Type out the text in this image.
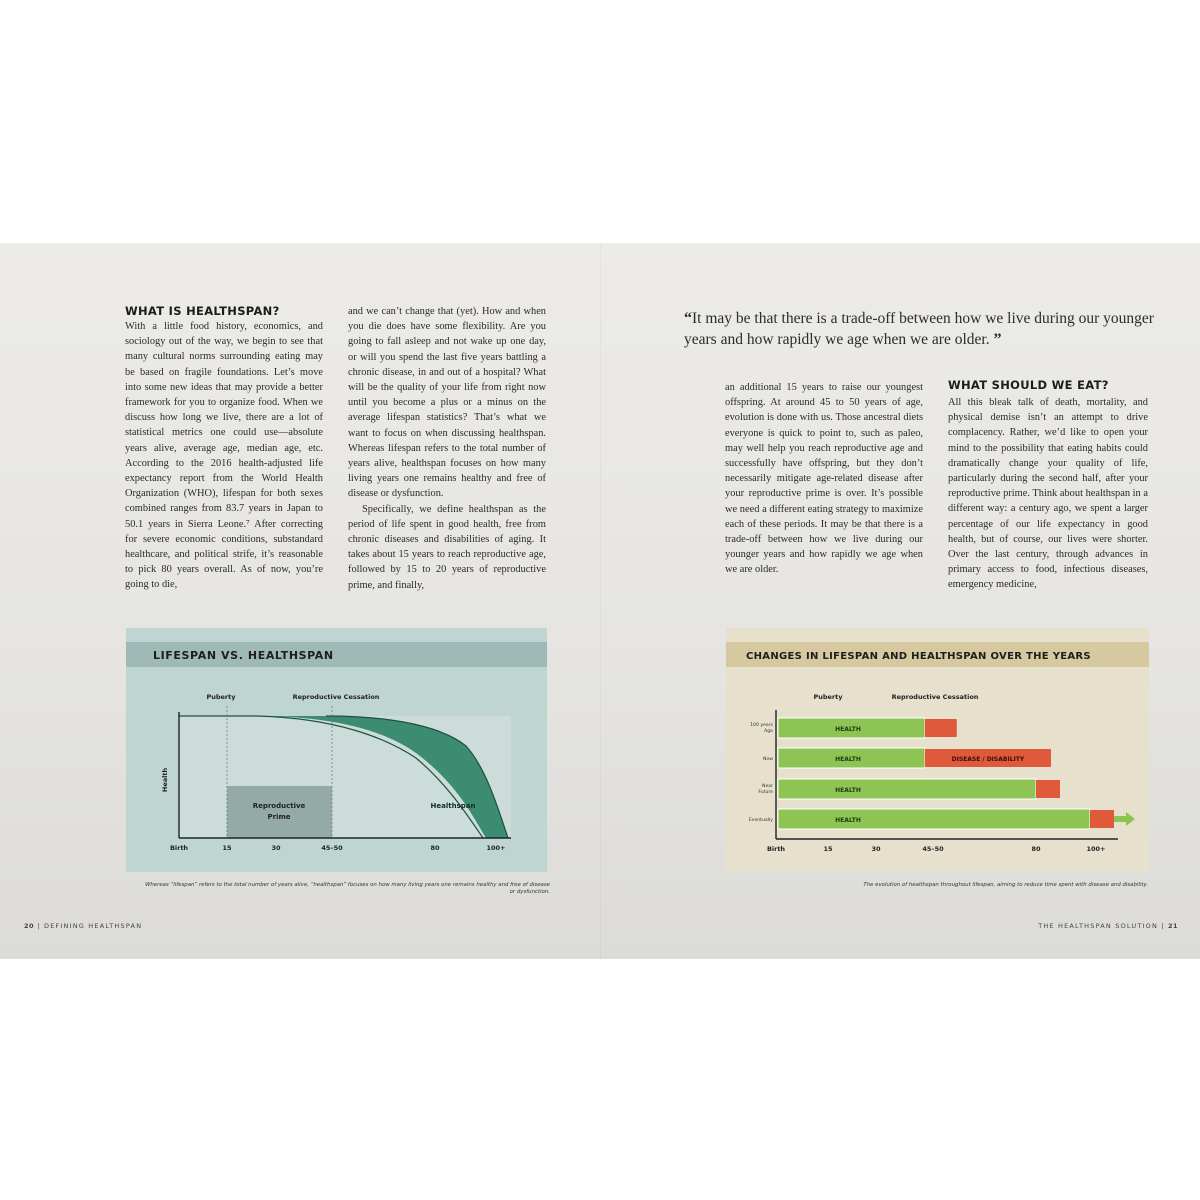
WHAT IS HEALTHSPAN?

With a little food history, economics, and sociology out of the way, we begin to see that many cultural norms surrounding eating may be based on fragile foundations. Let’s move into some new ideas that may provide a better framework for you to organize food. When we discuss how long we live, there are a lot of statistical metrics one could use—absolute years alive, average age, median age, etc. According to the 2016 health-adjusted life expectancy report from the World Health Organization (WHO), lifespan for both sexes combined ranges from 83.7 years in Japan to 50.1 years in Sierra Leone.⁷ After correcting for severe economic conditions, substandard healthcare, and political strife, it’s reasonable to pick 80 years overall. As of now, you’re going to die,

and we can’t change that (yet). How and when you die does have some flexibility. Are you going to fall asleep and not wake up one day, or will you spend the last five years battling a chronic disease, in and out of a hospital? What will be the quality of your life from right now until you become a plus or a minus on the average lifespan statistics? That’s what we want to focus on when discussing healthspan. Whereas lifespan refers to the total number of years alive, healthspan focuses on how many living years one remains healthy and free of disease or dysfunction.

Specifically, we define healthspan as the period of life spent in good health, free from chronic diseases and disabilities of aging. It takes about 15 years to reach reproductive age, followed by 15 to 20 years of reproductive prime, and finally,

LIFESPAN VS. HEALTHSPAN
Reproductive
Prime
Healthspan
Puberty	Reproductive Cessation
Health
Birth	15	30	45–50	80	100+
Whereas “lifespan” refers to the total number of years alive, “healthspan” focuses on how many living years one remains healthy and free of disease or dysfunction.
“It may be that there is a trade-off between how we live during our younger years and how rapidly we age when we are older. ”

an additional 15 years to raise our youngest offspring. At around 45 to 50 years of age, evolution is done with us. Those ancestral diets everyone is quick to point to, such as paleo, may well help you reach reproductive age and successfully have offspring, but they don’t necessarily mitigate age-related disease after your reproductive prime is over. It’s possible we need a different eating strategy to maximize each of these periods. It may be that there is a trade-off between how we live during our younger years and how rapidly we age when we are older.

WHAT SHOULD WE EAT?

All this bleak talk of death, mortality, and physical demise isn’t an attempt to drive complacency. Rather, we’d like to open your mind to the possibility that eating habits could dramatically change your quality of life, particularly during the second half, after your reproductive prime. Think about healthspan in a different way: a century ago, we spent a larger percentage of our life expectancy in good health, but of course, our lives were shorter. Over the last century, through advances in primary access to food, infectious diseases, emergency medicine,

CHANGES IN LIFESPAN AND HEALTHSPAN OVER THE YEARS
Puberty	Reproductive Cessation
100 years Ago	HEALTH
Now	HEALTH	DISEASE / DISABILITY
Near Future	HEALTH
Eventually	HEALTH
Birth	15	30	45–50	80	100+
The evolution of healthspan throughout lifespan, aiming to reduce time spent with disease and disability.
20 | DEFINING HEALTHSPAN	THE HEALTHSPAN SOLUTION | 21
